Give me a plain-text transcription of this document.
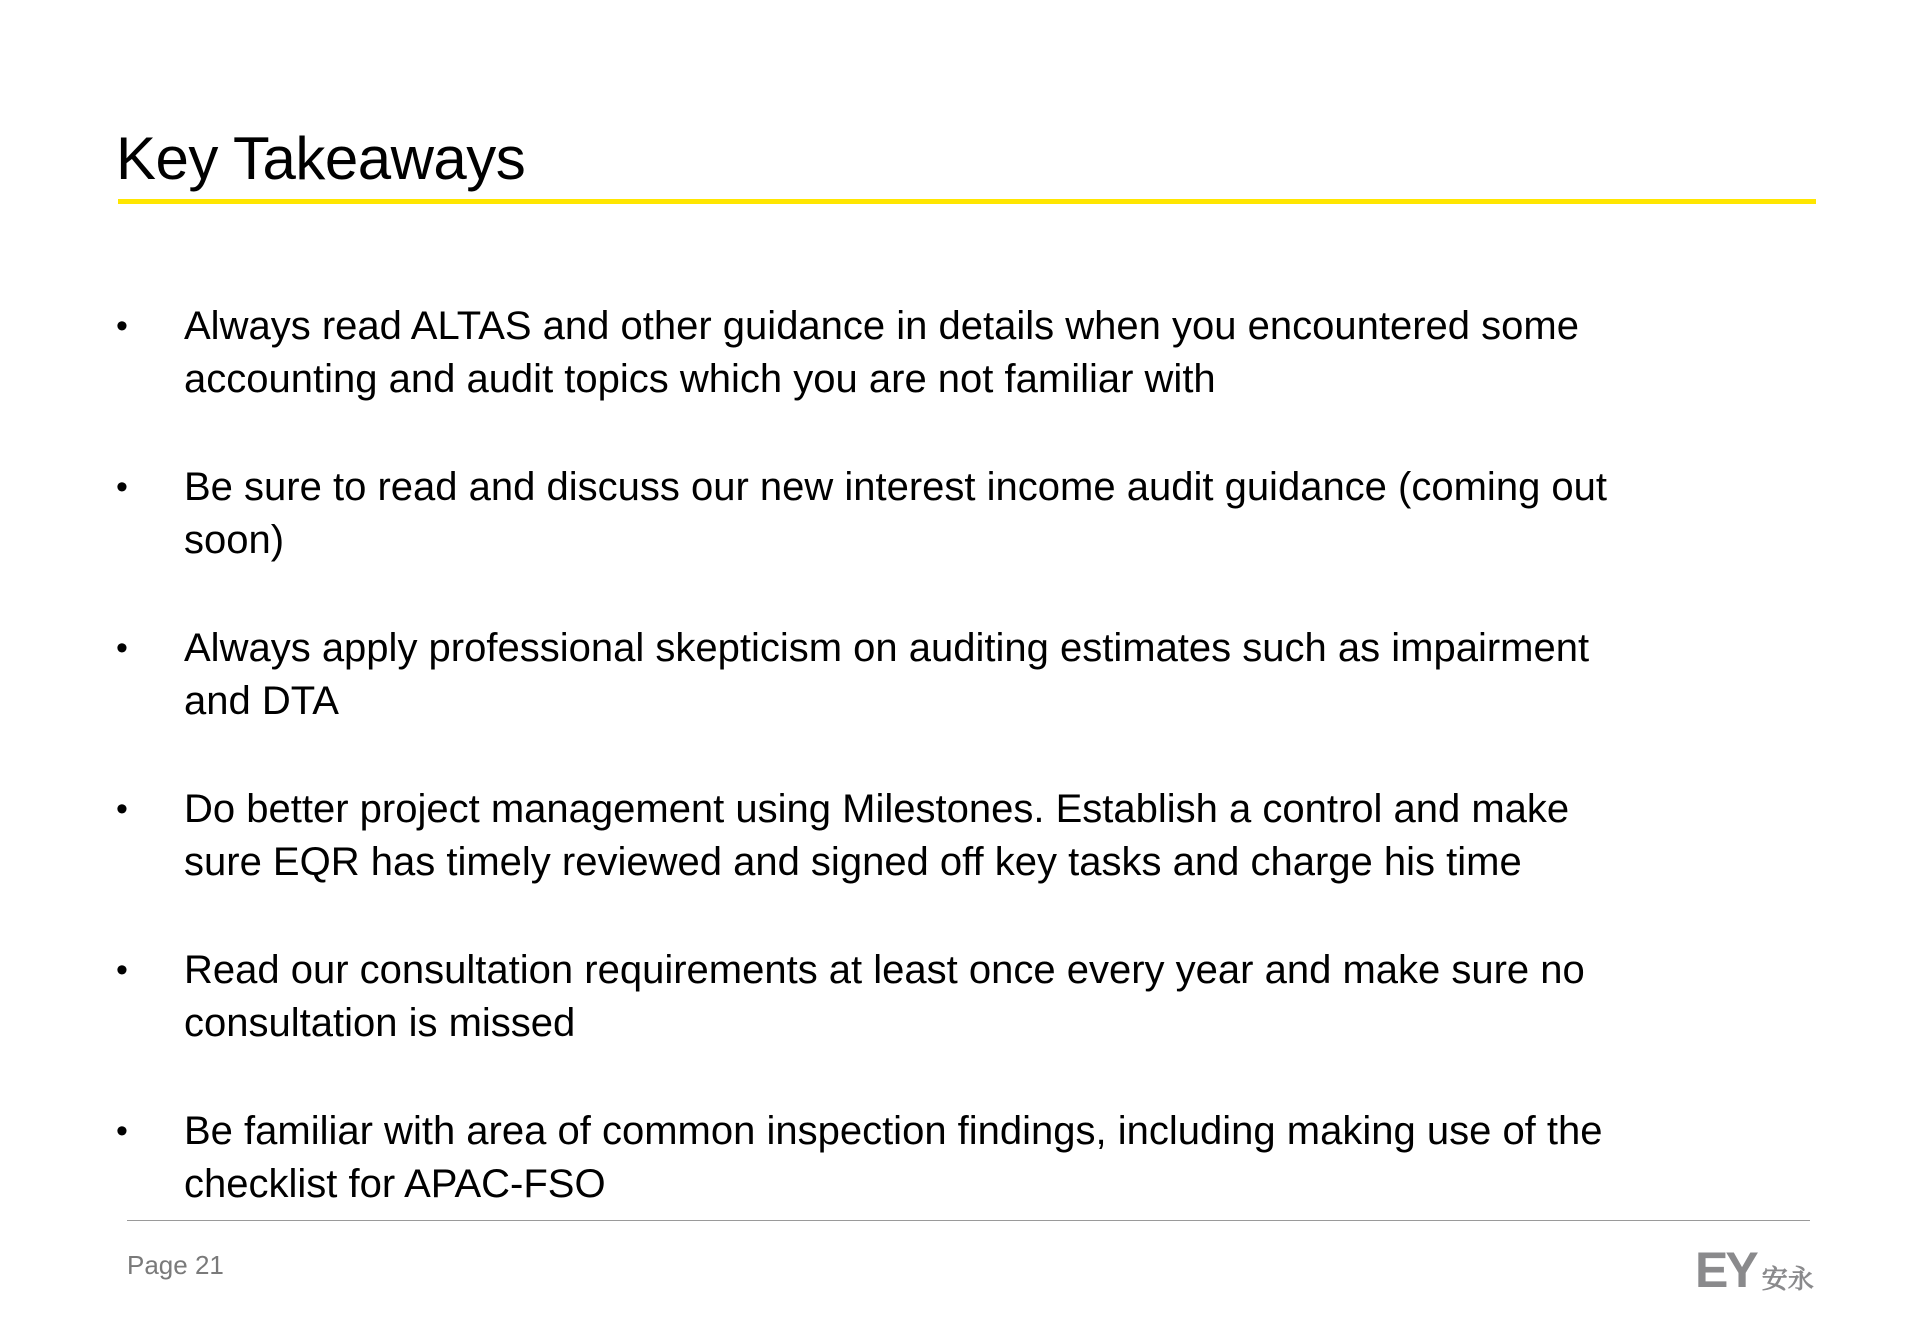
Key Takeaways
• Always read ALTAS and other guidance in details when you encountered some
accounting and audit topics which you are not familiar with
• Be sure to read and discuss our new interest income audit guidance (coming out
soon)
• Always apply professional skepticism on auditing estimates such as impairment
and DTA
• Do better project management using Milestones. Establish a control and make
sure EQR has timely reviewed and signed off key tasks and charge his time
• Read our consultation requirements at least once every year and make sure no
consultation is missed
• Be familiar with area of common inspection findings, including making use of the
checklist for APAC-FSO
Page 21	EY 安永
